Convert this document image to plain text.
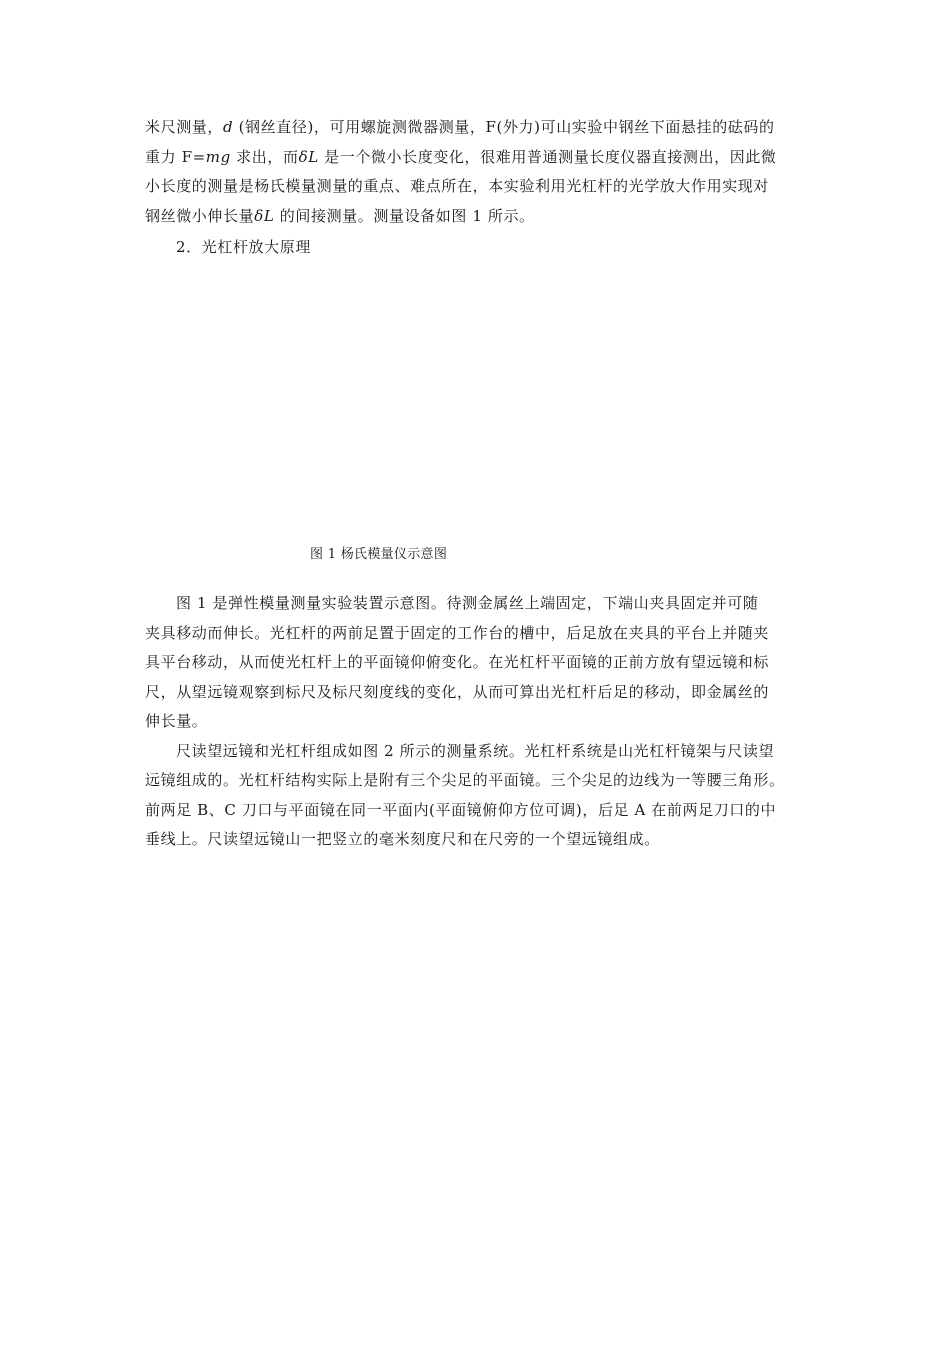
米尺测量，d (钢丝直径)，可用螺旋测微器测量，F(外力)可山实验中钢丝下面悬挂的砝码的
重力 F=mg 求出，而δL 是一个微小长度变化，很难用普通测量长度仪器直接测出，因此微
小长度的测量是杨氏模量测量的重点、难点所在，本实验利用光杠杆的光学放大作用实现对
钢丝微小伸长量δL 的间接测量。测量设备如图 1 所示。
2．光杠杆放大原理
图 1 杨氏模量仪示意图
图 1 是弹性模量测量实验装置示意图。待测金属丝上端固定，下端山夹具固定并可随
夹具移动而伸长。光杠杆的两前足置于固定的工作台的槽中，后足放在夹具的平台上并随夹
具平台移动，从而使光杠杆上的平面镜仰俯变化。在光杠杆平面镜的正前方放有望远镜和标
尺，从望远镜观察到标尺及标尺刻度线的变化，从而可算出光杠杆后足的移动，即金属丝的
伸长量。
尺读望远镜和光杠杆组成如图 2 所示的测量系统。光杠杆系统是山光杠杆镜架与尺读望
远镜组成的。光杠杆结构实际上是附有三个尖足的平面镜。三个尖足的边线为一等腰三角形。
前两足 B、C 刀口与平面镜在同一平面内(平面镜俯仰方位可调)，后足 A 在前两足刀口的中
垂线上。尺读望远镜山一把竖立的毫米刻度尺和在尺旁的一个望远镜组成。
